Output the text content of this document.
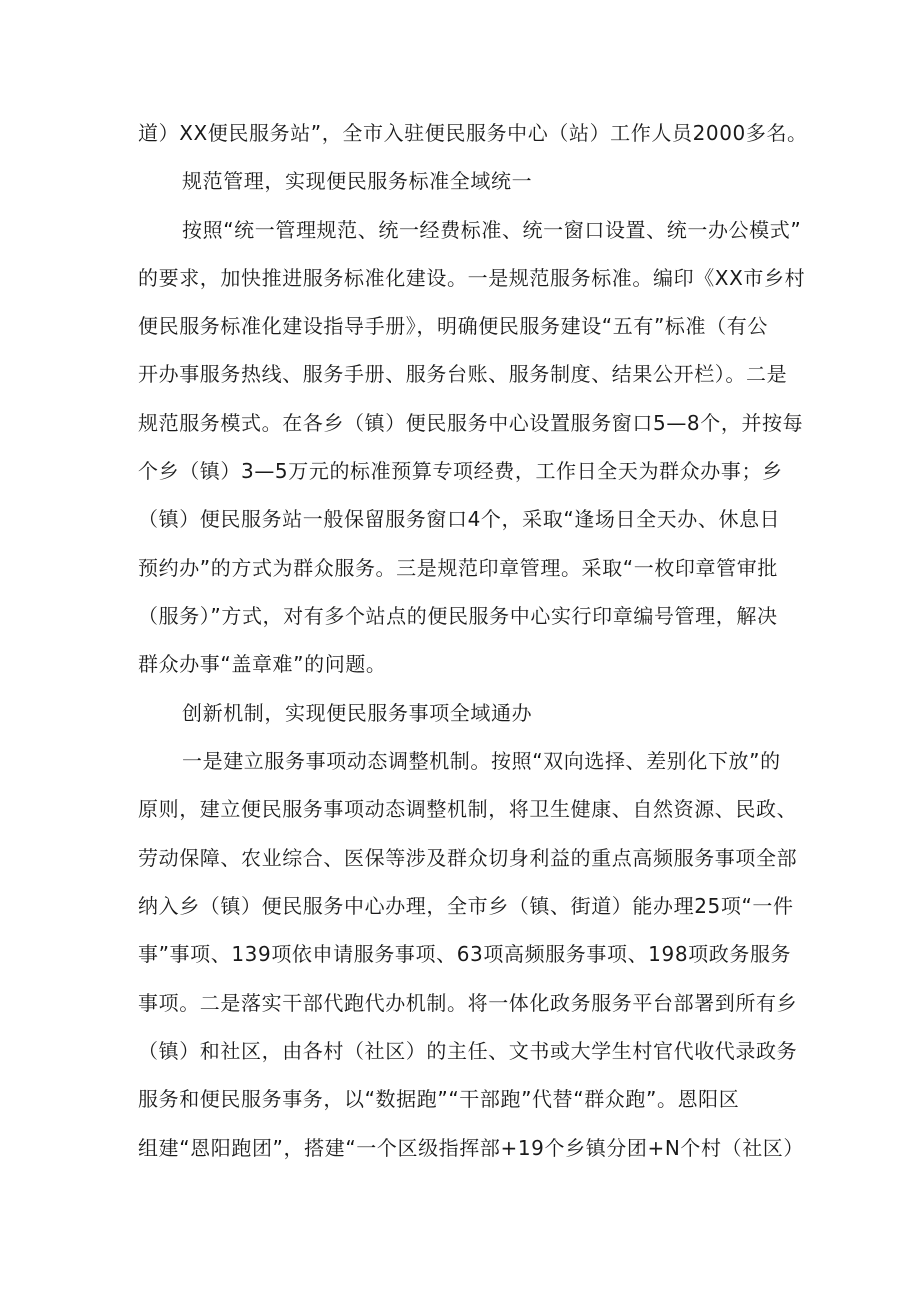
道）XX便民服务站”，全市入驻便民服务中心（站）工作人员2000多名。
规范管理，实现便民服务标准全域统一
按照“统一管理规范、统一经费标准、统一窗口设置、统一办公模式”
的要求，加快推进服务标准化建设。一是规范服务标准。编印《XX市乡村
便民服务标准化建设指导手册》，明确便民服务建设“五有”标准（有公
开办事服务热线、服务手册、服务台账、服务制度、结果公开栏）。二是
规范服务模式。在各乡（镇）便民服务中心设置服务窗口5—8个，并按每
个乡（镇）3—5万元的标准预算专项经费，工作日全天为群众办事；乡
（镇）便民服务站一般保留服务窗口4个，采取“逢场日全天办、休息日
预约办”的方式为群众服务。三是规范印章管理。采取“一枚印章管审批
（服务）”方式，对有多个站点的便民服务中心实行印章编号管理，解决
群众办事“盖章难”的问题。
创新机制，实现便民服务事项全域通办
一是建立服务事项动态调整机制。按照“双向选择、差别化下放”的
原则，建立便民服务事项动态调整机制，将卫生健康、自然资源、民政、
劳动保障、农业综合、医保等涉及群众切身利益的重点高频服务事项全部
纳入乡（镇）便民服务中心办理，全市乡（镇、街道）能办理25项“一件
事”事项、139项依申请服务事项、63项高频服务事项、198项政务服务
事项。二是落实干部代跑代办机制。将一体化政务服务平台部署到所有乡
（镇）和社区，由各村（社区）的主任、文书或大学生村官代收代录政务
服务和便民服务事务，以“数据跑”“干部跑”代替“群众跑”。恩阳区
组建“恩阳跑团”，搭建“一个区级指挥部+19个乡镇分团+N个村（社区）
